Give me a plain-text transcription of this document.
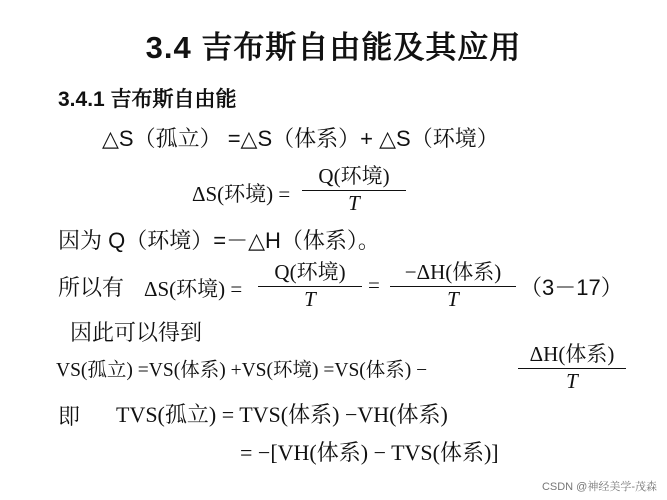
3.4 吉布斯自由能及其应用
3.4.1 吉布斯自由能
△S（孤立） =△S（体系）+ △S（环境）
ΔS(环境) =
Q(环境)
T
因为 Q（环境）=－△H（体系）。
所以有 ΔS(环境) =
Q(环境)
T
=
−ΔH(体系)
T	（3－17）
因此可以得到
VS(孤立) =VS(体系) +VS(环境) =VS(体系) −
ΔH(体系)
T
即 TVS(孤立) = TVS(体系) −VH(体系)
= −[VH(体系) − TVS(体系)]
CSDN @神经美学-茂森
